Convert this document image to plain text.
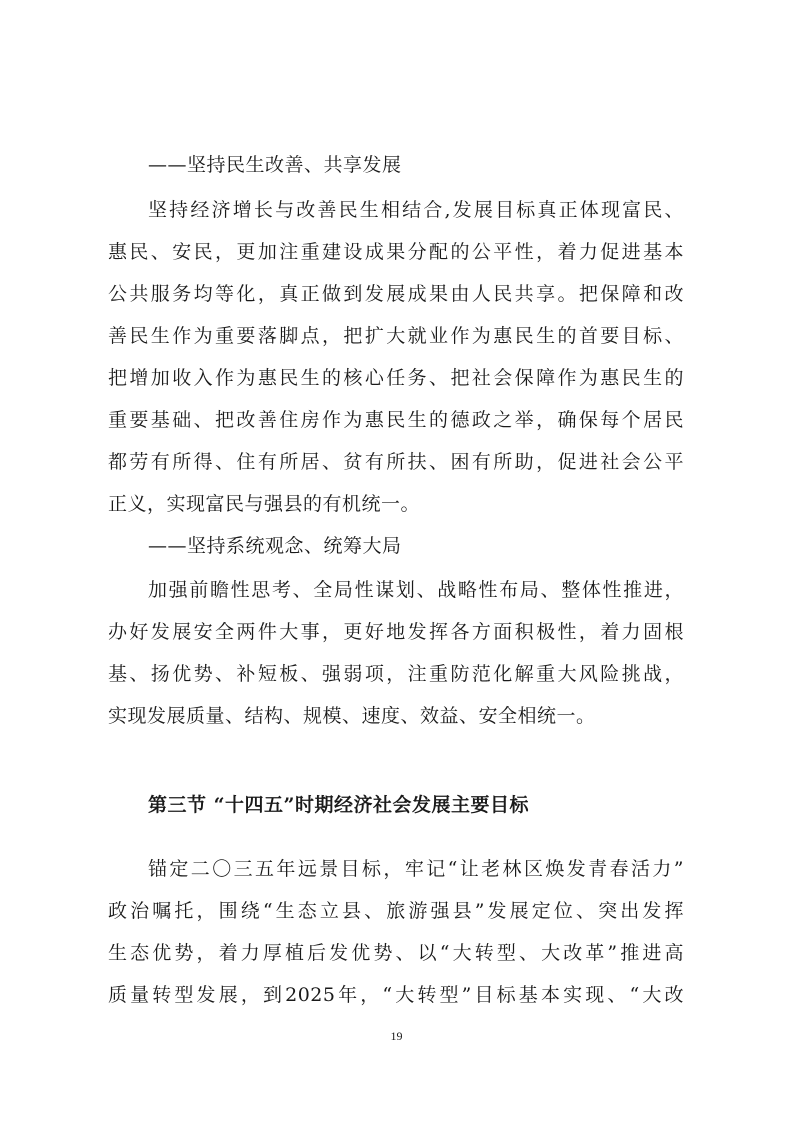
——坚持民生改善、共享发展
坚持经济增长与改善民生相结合,发展目标真正体现富民、
惠民、安民，更加注重建设成果分配的公平性，着力促进基本
公共服务均等化，真正做到发展成果由人民共享。把保障和改
善民生作为重要落脚点，把扩大就业作为惠民生的首要目标、
把增加收入作为惠民生的核心任务、把社会保障作为惠民生的
重要基础、把改善住房作为惠民生的德政之举，确保每个居民
都劳有所得、住有所居、贫有所扶、困有所助，促进社会公平
正义，实现富民与强县的有机统一。
——坚持系统观念、统筹大局
加强前瞻性思考、全局性谋划、战略性布局、整体性推进，
办好发展安全两件大事，更好地发挥各方面积极性，着力固根
基、扬优势、补短板、强弱项，注重防范化解重大风险挑战，
实现发展质量、结构、规模、速度、效益、安全相统一。
第三节 “十四五”时期经济社会发展主要目标
锚定二〇三五年远景目标，牢记“让老林区焕发青春活力”
政治嘱托，围绕“生态立县、旅游强县”发展定位、突出发挥
生态优势，着力厚植后发优势、以“大转型、大改革”推进高
质量转型发展，到2025年，“大转型”目标基本实现、“大改
19
